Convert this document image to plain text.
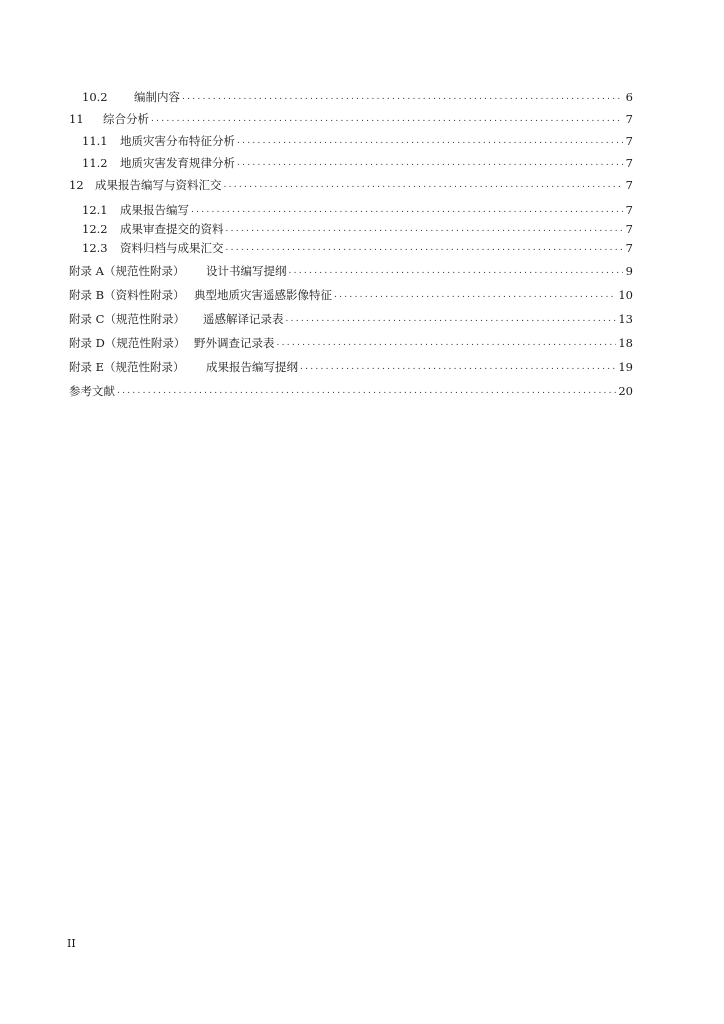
10.2	编制内容 . . .	6
11	综合分析 . . .	7
11.1	地质灾害分布特征分析 . . .	7
11.2	地质灾害发育规律分析 . . .	7
12 成果报告编写与资料汇交 . . .	7
12.1	成果报告编写 . . .	7
12.2	成果审查提交的资料 . . .	7
12.3	资料归档与成果汇交 . . .	7
附录 A（规范性附录）	设计书编写提纲 . . .	9
附录 B（资料性附录） 典型地质灾害遥感影像特征 . . .	10
附录 C（规范性附录）	遥感解译记录表 . . .	13
附录 D（规范性附录） 野外调查记录表 . . .	18
附录 E（规范性附录）	成果报告编写提纲 . . .	19
参考文献 . . .	20
II
